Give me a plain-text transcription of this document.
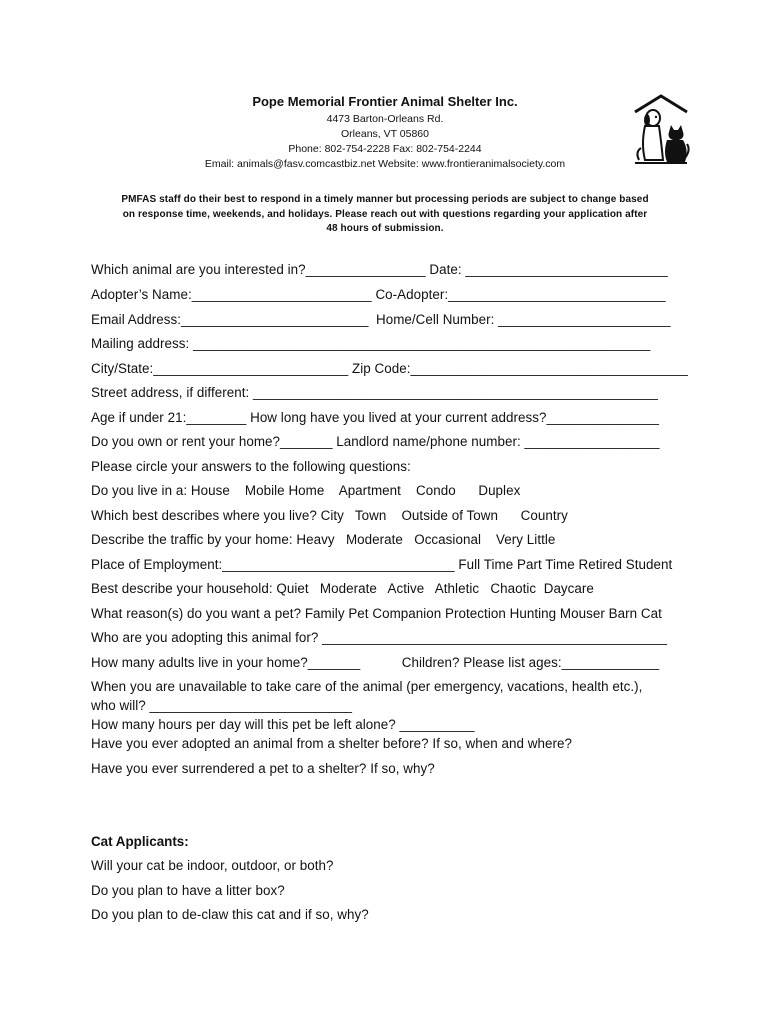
Pope Memorial Frontier Animal Shelter Inc.
4473 Barton-Orleans Rd.
Orleans, VT 05860
Phone: 802-754-2228 Fax: 802-754-2244
Email: animals@fasv.comcastbiz.net Website: www.frontieranimalsociety.com
PMFAS staff do their best to respond in a timely manner but processing periods are subject to change based
on response time, weekends, and holidays. Please reach out with questions regarding your application after
48 hours of submission.
Which animal are you interested in?________________ Date: ___________________________
Adopter’s Name:________________________ Co-Adopter:_____________________________
Email Address:_________________________  Home/Cell Number: _______________________
Mailing address: _____________________________________________________________
City/State:__________________________ Zip Code:_____________________________________
Street address, if different: ______________________________________________________
Age if under 21:________ How long have you lived at your current address?_______________
Do you own or rent your home?_______ Landlord name/phone number: __________________
Please circle your answers to the following questions:
Do you live in a: House    Mobile Home    Apartment    Condo      Duplex
Which best describes where you live? City   Town    Outside of Town      Country
Describe the traffic by your home: Heavy   Moderate   Occasional    Very Little
Place of Employment:_______________________________ Full Time Part Time Retired Student
Best describe your household: Quiet   Moderate   Active   Athletic   Chaotic  Daycare
What reason(s) do you want a pet? Family Pet Companion Protection Hunting Mouser Barn Cat
Who are you adopting this animal for? ______________________________________________
How many adults live in your home?_______           Children? Please list ages:_____________
When you are unavailable to take care of the animal (per emergency, vacations, health etc.),
who will? ___________________________
How many hours per day will this pet be left alone? __________
Have you ever adopted an animal from a shelter before? If so, when and where?
Have you ever surrendered a pet to a shelter? If so, why?
Cat Applicants:
Will your cat be indoor, outdoor, or both?
Do you plan to have a litter box?
Do you plan to de-claw this cat and if so, why?
